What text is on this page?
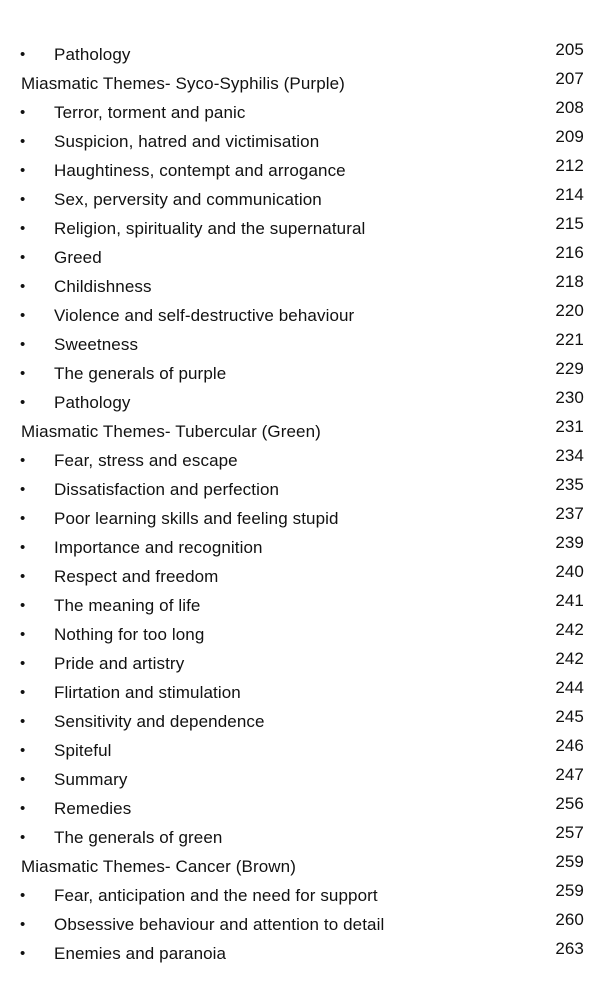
• Pathology	205
Miasmatic Themes- Syco-Syphilis (Purple)	207
• Terror, torment and panic	208
• Suspicion, hatred and victimisation	209
• Haughtiness, contempt and arrogance	212
• Sex, perversity and communication	214
• Religion, spirituality and the supernatural	215
• Greed	216
• Childishness	218
• Violence and self-destructive behaviour	220
• Sweetness	221
• The generals of purple	229
• Pathology	230
Miasmatic Themes- Tubercular (Green)	231
• Fear, stress and escape	234
• Dissatisfaction and perfection	235
• Poor learning skills and feeling stupid	237
• Importance and recognition	239
• Respect and freedom	240
• The meaning of life	241
• Nothing for too long	242
• Pride and artistry	242
• Flirtation and stimulation	244
• Sensitivity and dependence	245
• Spiteful	246
• Summary	247
• Remedies	256
• The generals of green	257
Miasmatic Themes- Cancer (Brown)	259
• Fear, anticipation and the need for support	259
• Obsessive behaviour and attention to detail	260
• Enemies and paranoia	263
